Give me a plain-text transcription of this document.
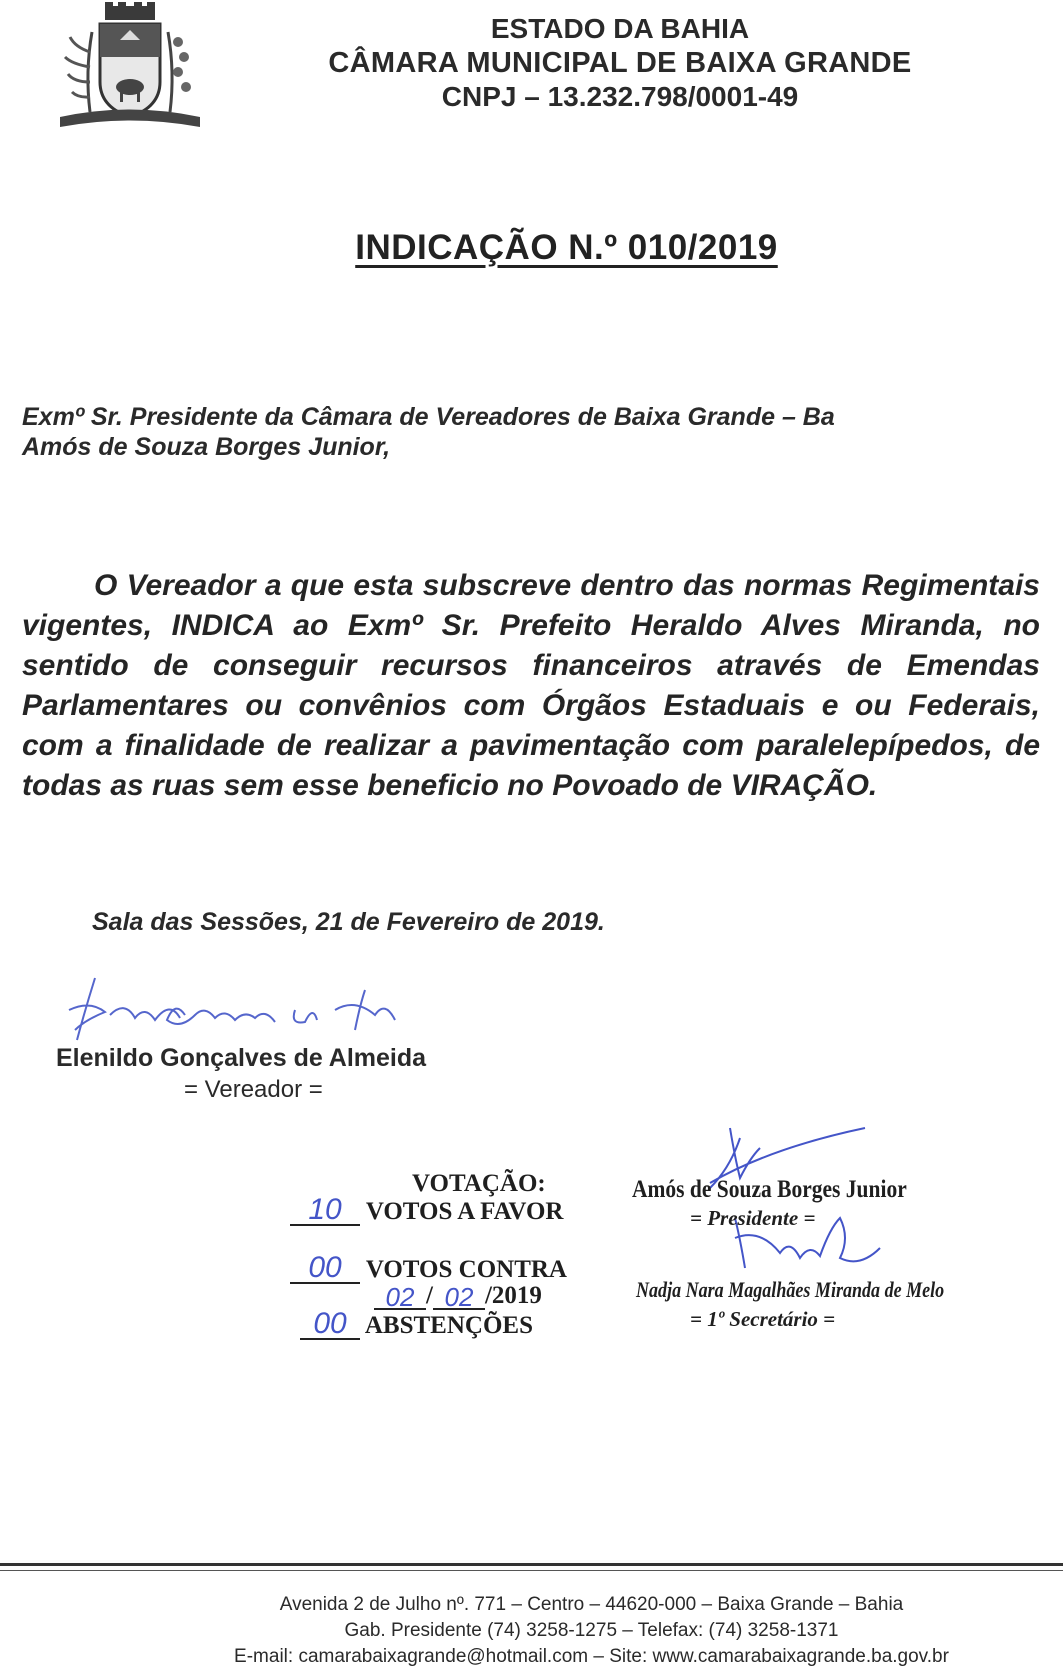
ESTADO DA BAHIA
CÂMARA MUNICIPAL DE BAIXA GRANDE
CNPJ – 13.232.798/0001-49
INDICAÇÃO N.º 010/2019
Exmº Sr. Presidente da Câmara de Vereadores de Baixa Grande – Ba
Amós de Souza Borges Junior,
O Vereador a que esta subscreve dentro das normas Regimentais vigentes, INDICA ao Exmº Sr. Prefeito Heraldo Alves Miranda, no sentido de conseguir recursos financeiros através de Emendas Parlamentares ou convênios com Órgãos Estaduais e ou Federais, com a finalidade de realizar a pavimentação com paralelepípedos, de todas as ruas sem esse beneficio no Povoado de VIRAÇÃO.
Sala das Sessões, 21 de Fevereiro de 2019.
Elenildo Gonçalves de Almeida
= Vereador =
VOTAÇÃO:
10 VOTOS A FAVOR
00 VOTOS CONTRA
02 / 02 /2019
00 ABSTENÇÕES
Amós de Souza Borges Junior
= Presidente =
Nadja Nara Magalhães Miranda de Melo
= 1º Secretário =
Avenida 2 de Julho nº. 771 – Centro – 44620-000 – Baixa Grande – Bahia
Gab. Presidente (74) 3258-1275 – Telefax: (74) 3258-1371
E-mail: camarabaixagrande@hotmail.com – Site: www.camarabaixagrande.ba.gov.br
